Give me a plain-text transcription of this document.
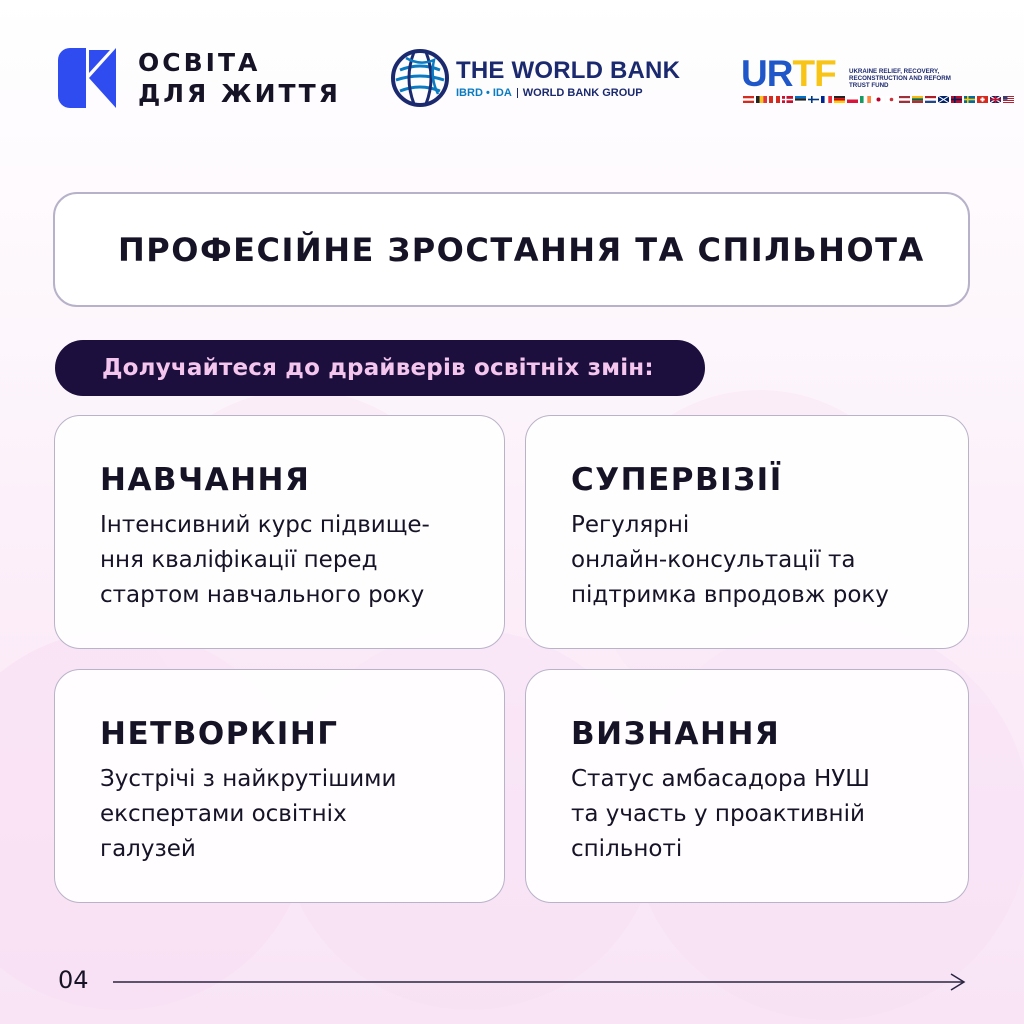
ОСВІТА
ДЛЯ ЖИТТЯ
THE WORLD BANK
IBRD • IDA WORLD BANK GROUP	URTF UKRAINE RELIEF, RECOVERY, RECONSTRUCTION AND REFORM TRUST FUND
ПРОФЕСІЙНЕ ЗРОСТАННЯ ТА СПІЛЬНОТА
Долучайтеся до драйверів освітніх змін:
НАВЧАННЯ

Інтенсивний курс підвище-
ння кваліфікації перед
стартом навчального року

СУПЕРВІЗІЇ

Регулярні
онлайн-консультації та
підтримка впродовж року

НЕТВОРКІНГ

Зустрічі з найкрутішими
експертами освітніх
галузей

ВИЗНАННЯ

Статус амбасадора НУШ
та участь у проактивній
спільноті

04
